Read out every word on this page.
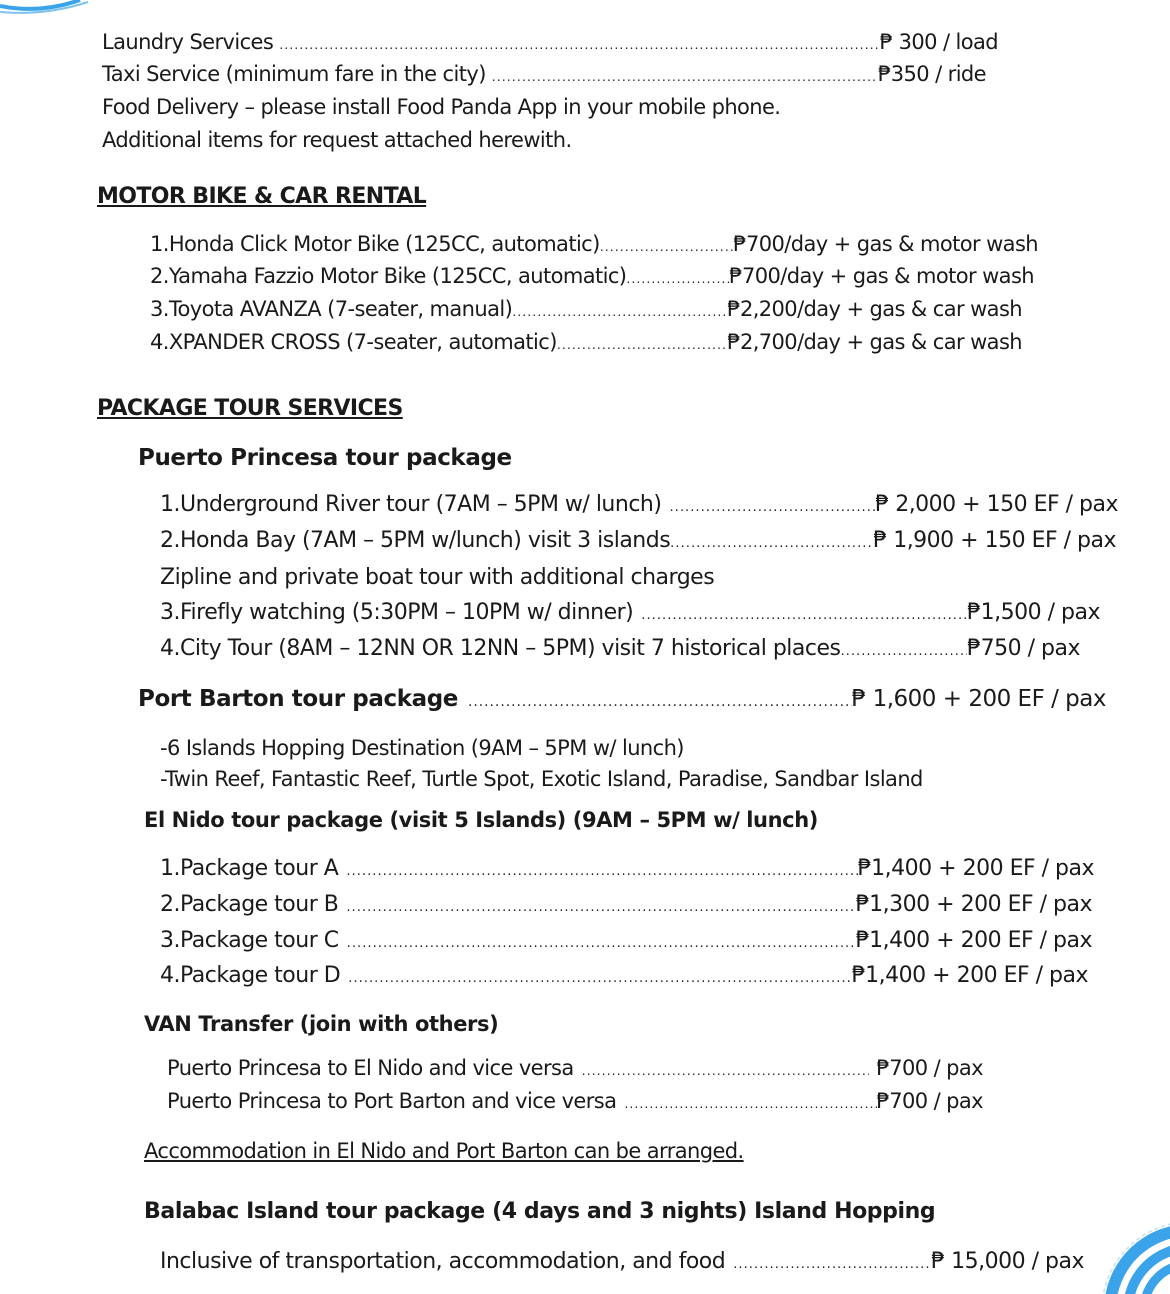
Laundry Services .....	₱ 300 / load
Taxi Service (minimum fare in the city) .....	₱350 / ride
Food Delivery – please install Food Panda App in your mobile phone.
Additional items for request attached herewith.
MOTOR BIKE & CAR RENTAL
1.Honda Click Motor Bike (125CC, automatic) .....	₱700/day + gas & motor wash
2.Yamaha Fazzio Motor Bike (125CC, automatic) .....	₱700/day + gas & motor wash
3.Toyota AVANZA (7-seater, manual) .....	₱2,200/day + gas & car wash
4.XPANDER CROSS (7-seater, automatic) .....	₱2,700/day + gas & car wash
PACKAGE TOUR SERVICES
Puerto Princesa tour package
1.Underground River tour (7AM – 5PM w/ lunch) .....	₱ 2,000 + 150 EF / pax
2.Honda Bay (7AM – 5PM w/lunch) visit 3 islands .....	₱ 1,900 + 150 EF / pax
Zipline and private boat tour with additional charges
3.Firefly watching (5:30PM – 10PM w/ dinner) .....	₱1,500 / pax
4.City Tour (8AM – 12NN OR 12NN – 5PM) visit 7 historical places .....	₱750 / pax
Port Barton tour package .....	₱ 1,600 + 200 EF / pax
-6 Islands Hopping Destination (9AM – 5PM w/ lunch)
-Twin Reef, Fantastic Reef, Turtle Spot, Exotic Island, Paradise, Sandbar Island
El Nido tour package (visit 5 Islands) (9AM – 5PM w/ lunch)
1. Package tour A .....	₱1,400 + 200 EF / pax
2. Package tour B .....	₱1,300 + 200 EF / pax
3. Package tour C .....	₱1,400 + 200 EF / pax
4. Package tour D .....	₱1,400 + 200 EF / pax
VAN Transfer (join with others)
Puerto Princesa to El Nido and vice versa .....	₱700 / pax
Puerto Princesa to Port Barton and vice versa .....	₱700 / pax
Accommodation in El Nido and Port Barton can be arranged.
Balabac Island tour package (4 days and 3 nights) Island Hopping
Inclusive of transportation, accommodation, and food .....	₱ 15,000 / pax
